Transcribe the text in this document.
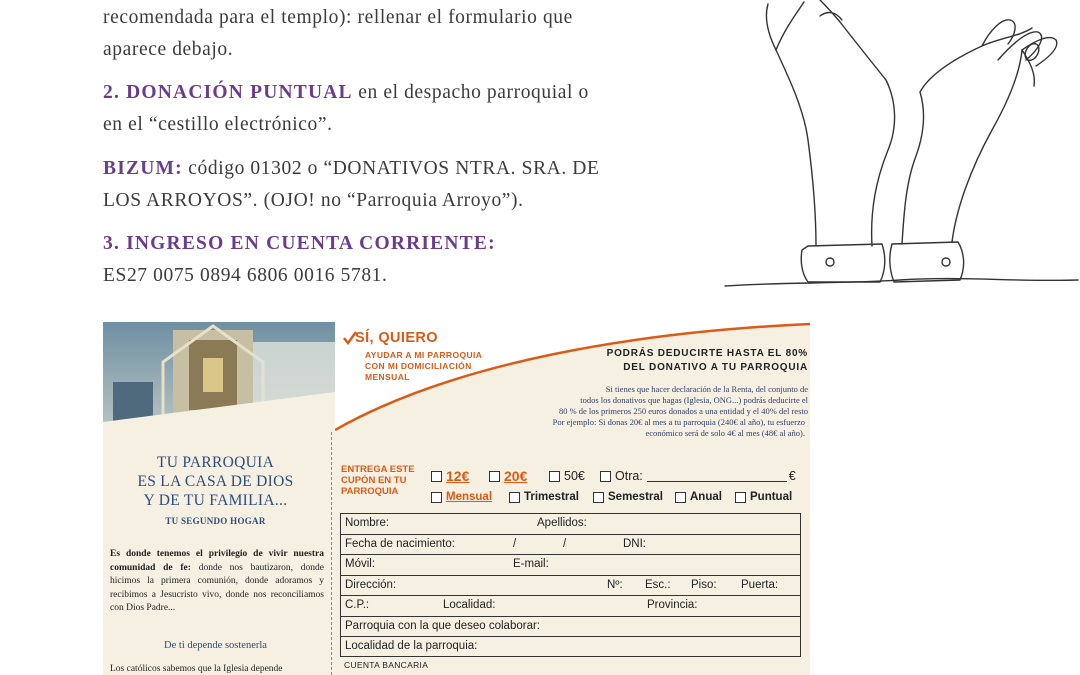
recomendada para el templo): rellenar el formulario que
aparece debajo.
2. DONACIÓN PUNTUAL en el despacho parroquial o
en el “cestillo electrónico”.
BIZUM: código 01302 o “DONATIVOS NTRA. SRA. DE
LOS ARROYOS”. (OJO! no “Parroquia Arroyo”).
3. INGRESO EN CUENTA CORRIENTE:
ES27 0075 0894 6806 0016 5781.
TU PARROQUIA
ES LA CASA DE DIOS
Y DE TU FAMILIA...
TU SEGUNDO HOGAR
Es donde tenemos el privilegio de vivir nuestra comunidad de fe: donde nos bautizaron, donde hicimos la primera comunión, donde adoramos y recibimos a Jesucristo vivo, donde nos reconciliamos con Dios Padre...
De ti depende sostenerla
Los católicos sabemos que la Iglesia depende
SÍ, QUIERO
AYUDAR A MI PARROQUIA
CON MI DOMICILIACIÓN
MENSUAL
PODRÁS DEDUCIRTE HASTA EL 80%
DEL DONATIVO A TU PARROQUIA
Si tienes que hacer declaración de la Renta, del conjunto de
todos los donativos que hagas (Iglesia, ONG...) podrás deducirte el
80 % de los primeros 250 euros donados a una entidad y el 40% del resto
Por ejemplo: Si donas 20€ al mes a tu parroquia (240€ al año), tu esfuerzo
económico será de solo 4€ al mes (48€ al año).
ENTREGA ESTE
CUPÓN EN TU
PARROQUIA
12€ 20€	50€ Otra:	€
Mensual	Trimestral	Semestral Anual Puntual
Nombre:	Apellidos:
Fecha de nacimiento:	/	/	DNI:
Móvil:	E-mail:
Dirección:	Nº: Esc.: Piso: Puerta:
C.P.:	Localidad:	Provincia:
Parroquia con la que deseo colaborar:
Localidad de la parroquia:
CUENTA BANCARIA
